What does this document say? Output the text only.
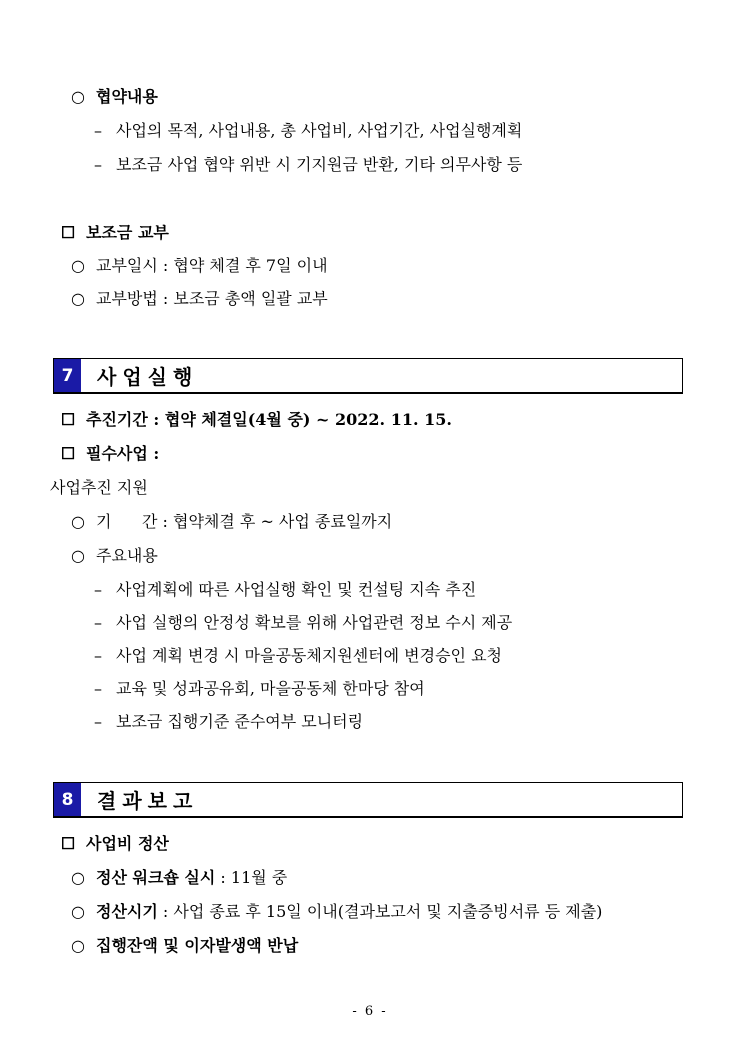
○ 협약내용
– 사업의 목적, 사업내용, 총 사업비, 사업기간, 사업실행계획
– 보조금 사업 협약 위반 시 기지원금 반환, 기타 의무사항 등
☐ 보조금 교부
○ 교부일시 : 협약 체결 후 7일 이내
○ 교부방법 : 보조금 총액 일괄 교부
7	사업실행
☐ 추진기간 : 협약 체결일(4월 중) ~ 2022. 11. 15.
☐ 필수사업 :
사업추진 지원
○ 기      간 : 협약체결 후 ~ 사업 종료일까지
○ 주요내용
– 사업계획에 따른 사업실행 확인 및 컨설팅 지속 추진
– 사업 실행의 안정성 확보를 위해 사업관련 정보 수시 제공
– 사업 계획 변경 시 마을공동체지원센터에 변경승인 요청
– 교육 및 성과공유회, 마을공동체 한마당 참여
– 보조금 집행기준 준수여부 모니터링
8	결과보고
☐ 사업비 정산
○ 정산 워크숍 실시 : 11월 중
○ 정산시기 : 사업 종료 후 15일 이내(결과보고서 및 지출증빙서류 등 제출)
○ 집행잔액 및 이자발생액 반납
- 6 -
